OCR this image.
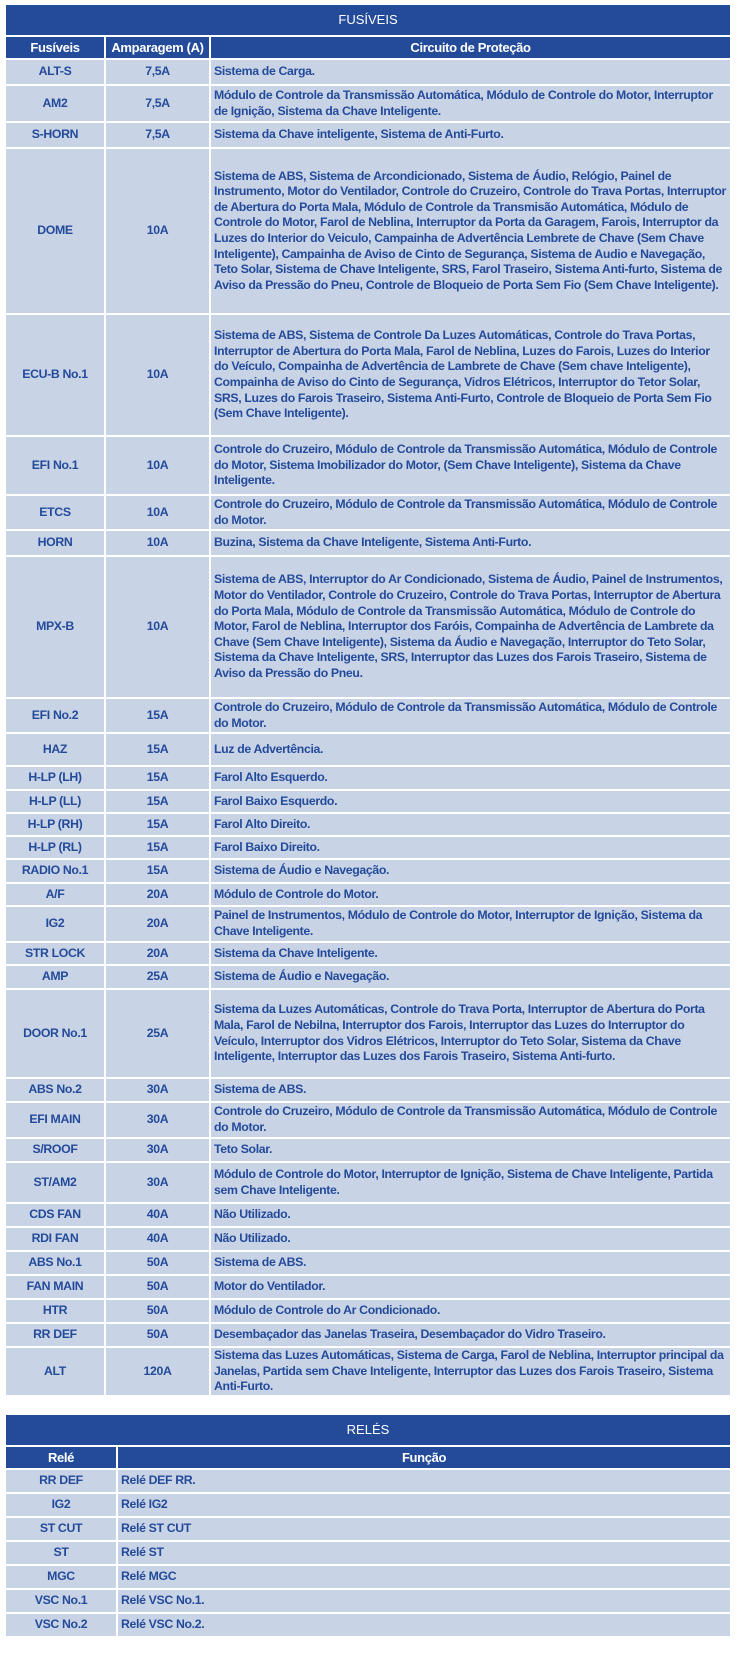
FUSÍVEIS		
Fusíveis	Amparagem (A)	Circuito de Proteção
ALT-S	7,5A	Sistema de Carga.
AM2	7,5A	Módulo de Controle da Transmissão Automática, Módulo de Controle do Motor, Interruptor de Ignição, Sistema da Chave Inteligente.
S-HORN	7,5A	Sistema da Chave inteligente, Sistema de Anti-Furto.
DOME	10A	Sistema de ABS, Sistema de Arcondicionado, Sistema de Áudio, Relógio, Painel de Instrumento, Motor do Ventilador, Controle do Cruzeiro, Controle do Trava Portas, Interruptor de Abertura do Porta Mala, Módulo de Controle da Transmisão Automática, Módulo de Controle do Motor, Farol de Neblina, Interruptor da Porta da Garagem, Farois, Interruptor da Luzes do Interior do Veiculo, Campainha de Advertência Lembrete de Chave (Sem Chave Inteligente), Campainha de Aviso de Cinto de Segurança, Sistema de Audio e Navegação, Teto Solar, Sistema de Chave Inteligente, SRS, Farol Traseiro, Sistema Anti-furto, Sistema de Aviso da Pressão do Pneu, Controle de Bloqueio de Porta Sem Fio (Sem Chave Inteligente).
ECU-B No.1	10A	Sistema de ABS, Sistema de Controle Da Luzes Automáticas, Controle do Trava Portas, Interruptor de Abertura do Porta Mala, Farol de Neblina, Luzes do Farois, Luzes do Interior do Veículo, Compainha de Advertência de Lambrete de Chave (Sem chave Inteligente), Compainha de Aviso do Cinto de Segurança, Vidros Elétricos, Interruptor do Tetor Solar, SRS, Luzes do Farois Traseiro, Sistema Anti-Furto, Controle de Bloqueio de Porta Sem Fio (Sem Chave Inteligente).
EFI No.1	10A	Controle do Cruzeiro, Módulo de Controle da Transmissão Automática, Módulo de Controle do Motor, Sistema Imobilizador do Motor, (Sem Chave Inteligente), Sistema da Chave Inteligente.
ETCS	10A	Controle do Cruzeiro, Módulo de Controle da Transmissão Automática, Módulo de Controle do Motor.
HORN	10A	Buzina, Sistema da Chave Inteligente, Sistema Anti-Furto.
MPX-B	10A	Sistema de ABS, Interruptor do Ar Condicionado, Sistema de Áudio, Painel de Instrumentos, Motor do Ventilador, Controle do Cruzeiro, Controle do Trava Portas, Interruptor de Abertura do Porta Mala, Módulo de Controle da Transmissão Automática, Módulo de Controle do Motor, Farol de Neblina, Interruptor dos Faróis, Compainha de Advertência de Lambrete da Chave (Sem Chave Inteligente), Sistema da Áudio e Navegação, Interruptor do Teto Solar, Sistema da Chave Inteligente, SRS, Interruptor das Luzes dos Farois Traseiro, Sistema de Aviso da Pressão do Pneu.
EFI No.2	15A	Controle do Cruzeiro, Módulo de Controle da Transmissão Automática, Módulo de Controle do Motor.
HAZ	15A	Luz de Advertência.
H-LP (LH)	15A	Farol Alto Esquerdo.
H-LP (LL)	15A	Farol Baixo Esquerdo.
H-LP (RH)	15A	Farol Alto Direito.
H-LP (RL)	15A	Farol Baixo Direito.
RADIO No.1	15A	Sistema de Áudio e Navegação.
A/F	20A	Módulo de Controle do Motor.
IG2	20A	Painel de Instrumentos, Módulo de Controle do Motor, Interruptor de Ignição, Sistema da Chave Inteligente.
STR LOCK	20A	Sistema da Chave Inteligente.
AMP	25A	Sistema de Áudio e Navegação.
DOOR No.1	25A	Sistema da Luzes Automáticas, Controle do Trava Porta, Interruptor de Abertura do Porta Mala, Farol de Nebilna, Interruptor dos Farois, Interruptor das Luzes do Interruptor do Veículo, Interruptor dos Vidros Elétricos, Interruptor do Teto Solar, Sistema da Chave Inteligente, Interruptor das Luzes dos Farois Traseiro, Sistema Anti-furto.
ABS No.2	30A	Sistema de ABS.
EFI MAIN	30A	Controle do Cruzeiro, Módulo de Controle da Transmissão Automática, Módulo de Controle do Motor.
S/ROOF	30A	Teto Solar.
ST/AM2	30A	Módulo de Controle do Motor, Interruptor de Ignição, Sistema de Chave Inteligente, Partida sem Chave Inteligente.
CDS FAN	40A	Não Utilizado.
RDI FAN	40A	Não Utilizado.
ABS No.1	50A	Sistema de ABS.
FAN MAIN	50A	Motor do Ventilador.
HTR	50A	Módulo de Controle do Ar Condicionado.
RR DEF	50A	Desembaçador das Janelas Traseira, Desembaçador do Vidro Traseiro.
ALT	120A	Sistema das Luzes Automáticas, Sistema de Carga, Farol de Neblina, Interruptor principal da Janelas, Partida sem Chave Inteligente, Interruptor das Luzes dos Farois Traseiro, Sistema Anti-Furto.
RELÉS	
Relé	Função
RR DEF	Relé DEF RR.
IG2	Relé IG2
ST CUT	Relé ST CUT
ST	Relé ST
MGC	Relé MGC
VSC No.1	Relé VSC No.1.
VSC No.2	Relé VSC No.2.
